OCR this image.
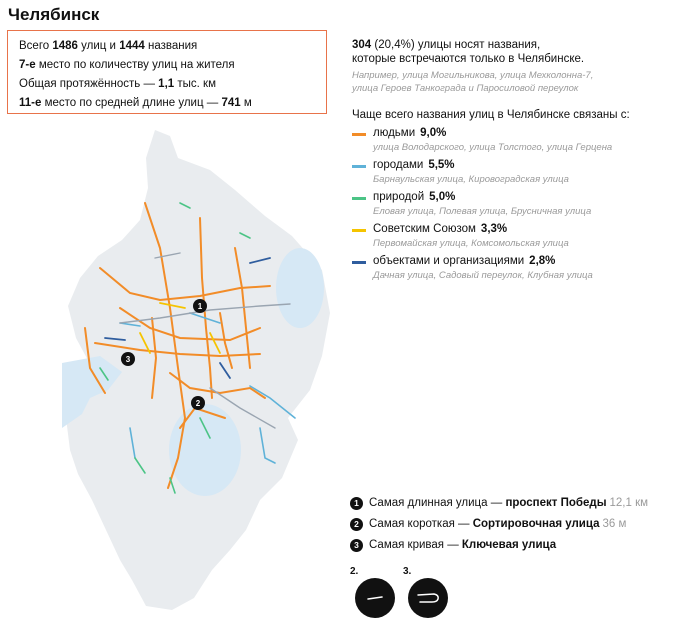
Челябинск
Всего 1486 улиц и 1444 названия
7-е место по количеству улиц на жителя
Общая протяжённость — 1,1 тыс. км
11-е место по средней длине улиц — 741 м
304 (20,4%) улицы носят названия,
которые встречаются только в Челябинске.
Например, улица Могильникова, улица Мехколонна-7,
улица Героев Танкограда и Паросиловой переулок
Чаще всего названия улиц в Челябинске связаны с:
людьми 9,0%
улица Володарского, улица Толстого, улица Герцена
городами 5,5%
Барнаульская улица, Кировоградская улица
природой 5,0%
Еловая улица, Полевая улица, Брусничная улица
Советским Союзом 3,3%
Первомайская улица, Комсомольская улица
объектами и организациями 2,8%
Дачная улица, Садовый переулок, Клубная улица
1
2
3
1 Самая длинная улица — проспект Победы 12,1 км
2 Самая короткая — Сортировочная улица 36 м
3 Самая кривая — Ключевая улица
2.	3.
